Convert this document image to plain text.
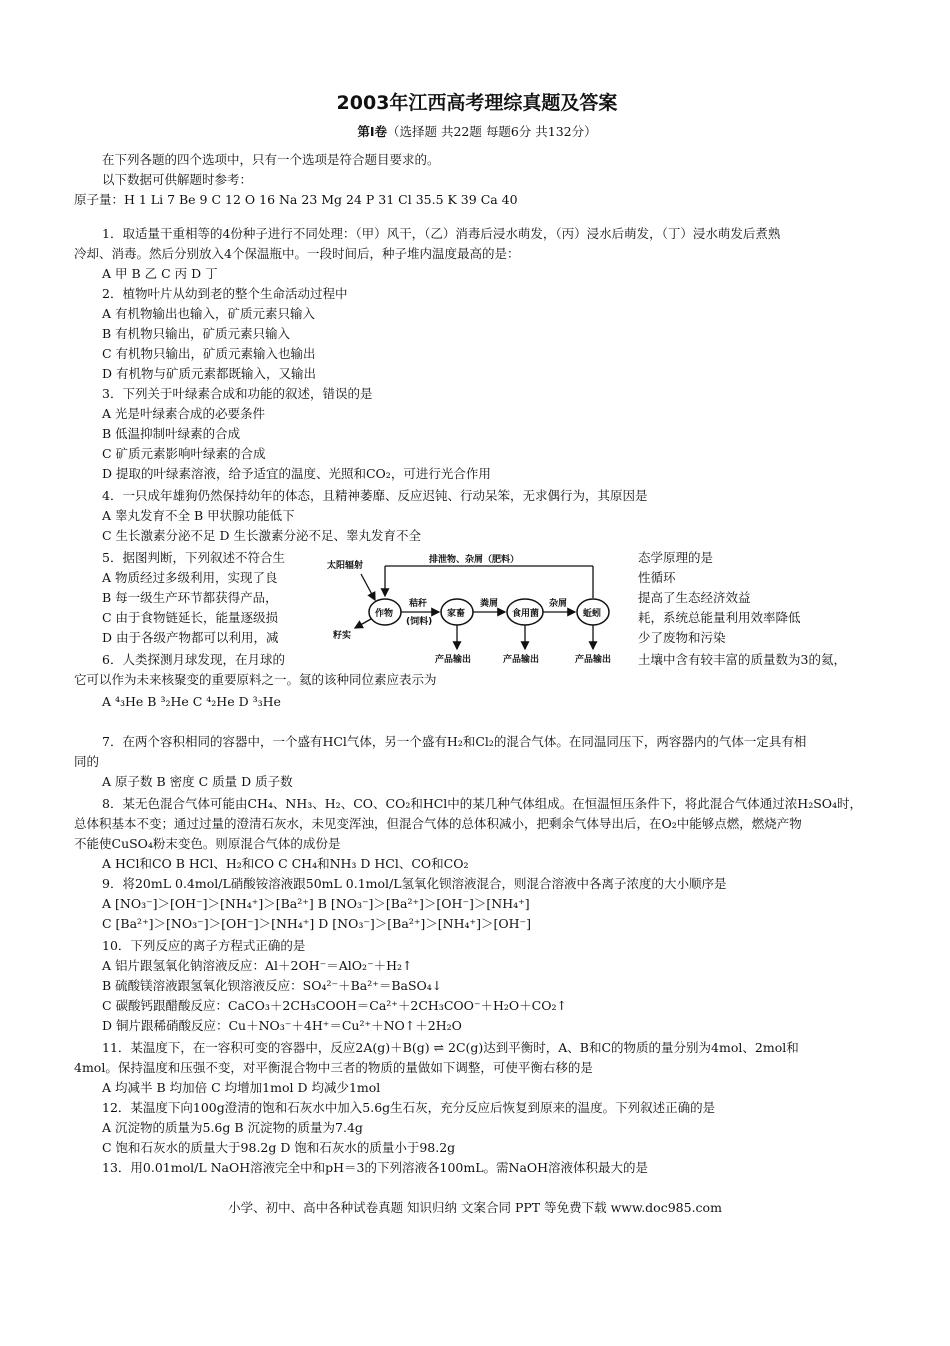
2003年江西高考理综真题及答案
第Ⅰ卷（选择题 共22题 每题6分 共132分）
在下列各题的四个选项中，只有一个选项是符合题目要求的。
以下数据可供解题时参考：
原子量：H 1 Li 7 Be 9 C 12 O 16 Na 23 Mg 24 P 31 Cl 35.5 K 39 Ca 40
1．取适量干重相等的4份种子进行不同处理：（甲）风干，（乙）消毒后浸水萌发，（丙）浸水后萌发，（丁）浸水萌发后煮熟
冷却、消毒。然后分别放入4个保温瓶中。一段时间后，种子堆内温度最高的是：
A 甲 B 乙 C 丙 D 丁
2．植物叶片从幼到老的整个生命活动过程中
A 有机物输出也输入，矿质元素只输入
B 有机物只输出，矿质元素只输入
C 有机物只输出，矿质元素输入也输出
D 有机物与矿质元素都既输入，又输出
3．下列关于叶绿素合成和功能的叙述，错误的是
A 光是叶绿素合成的必要条件
B 低温抑制叶绿素的合成
C 矿质元素影响叶绿素的合成
D 提取的叶绿素溶液，给予适宜的温度、光照和CO₂，可进行光合作用
4．一只成年雄狗仍然保持幼年的体态，且精神萎靡、反应迟钝、行动呆笨，无求偶行为，其原因是
A 睾丸发育不全 B 甲状腺功能低下
C 生长激素分泌不足 D 生长激素分泌不足、睾丸发育不全
5．据图判断，下列叙述不符合生	态学原理的是
A 物质经过多级利用，实现了良	性循环
B 每一级生产环节都获得产品，	提高了生态经济效益
C 由于食物链延长，能量逐级损	耗，系统总能量利用效率降低
D 由于各级产物都可以利用，减	少了废物和污染
6．人类探测月球发现，在月球的	土壤中含有较丰富的质量数为3的氦，
它可以作为未来核聚变的重要原料之一。氦的该种同位素应表示为
A ⁴₃He B ³₂He C ⁴₂He D ³₃He
7．在两个容积相同的容器中，一个盛有HCl气体，另一个盛有H₂和Cl₂的混合气体。在同温同压下，两容器内的气体一定具有相
同的
A 原子数 B 密度 C 质量 D 质子数
8．某无色混合气体可能由CH₄、NH₃、H₂、CO、CO₂和HCl中的某几种气体组成。在恒温恒压条件下，将此混合气体通过浓H₂SO₄时，
总体积基本不变；通过过量的澄清石灰水，未见变浑浊，但混合气体的总体积减小，把剩余气体导出后，在O₂中能够点燃，燃烧产物
不能使CuSO₄粉末变色。则原混合气体的成份是
A HCl和CO B HCl、H₂和CO C CH₄和NH₃ D HCl、CO和CO₂
9．将20mL 0.4mol/L硝酸铵溶液跟50mL 0.1mol/L氢氧化钡溶液混合，则混合溶液中各离子浓度的大小顺序是
A [NO₃⁻]＞[OH⁻]＞[NH₄⁺]＞[Ba²⁺] B [NO₃⁻]＞[Ba²⁺]＞[OH⁻]＞[NH₄⁺]
C [Ba²⁺]＞[NO₃⁻]＞[OH⁻]＞[NH₄⁺] D [NO₃⁻]＞[Ba²⁺]＞[NH₄⁺]＞[OH⁻]
10．下列反应的离子方程式正确的是
A 铝片跟氢氧化钠溶液反应：Al＋2OH⁻＝AlO₂⁻＋H₂↑
B 硫酸镁溶液跟氢氧化钡溶液反应：SO₄²⁻＋Ba²⁺＝BaSO₄↓
C 碳酸钙跟醋酸反应：CaCO₃＋2CH₃COOH＝Ca²⁺＋2CH₃COO⁻＋H₂O＋CO₂↑
D 铜片跟稀硝酸反应：Cu＋NO₃⁻＋4H⁺＝Cu²⁺＋NO↑＋2H₂O
11．某温度下，在一容积可变的容器中，反应2A(g)＋B(g) ⇌ 2C(g)达到平衡时，A、B和C的物质的量分别为4mol、2mol和
4mol。保持温度和压强不变，对平衡混合物中三者的物质的量做如下调整，可使平衡右移的是
A 均减半 B 均加倍 C 均增加1mol D 均减少1mol
12．某温度下向100g澄清的饱和石灰水中加入5.6g生石灰，充分反应后恢复到原来的温度。下列叙述正确的是
A 沉淀物的质量为5.6g B 沉淀物的质量为7.4g
C 饱和石灰水的质量大于98.2g D 饱和石灰水的质量小于98.2g
13．用0.01mol/L NaOH溶液完全中和pH＝3的下列溶液各100mL。需NaOH溶液体积最大的是
太阳辐射
排泄物、杂屑（肥料）
作物
秸秆
(饲料)
家畜
粪屑
食用菌
杂屑
蚯蚓
籽实
产品输出	产品输出	产品输出
小学、初中、高中各种试卷真题 知识归纳 文案合同 PPT 等免费下载 www.doc985.com
